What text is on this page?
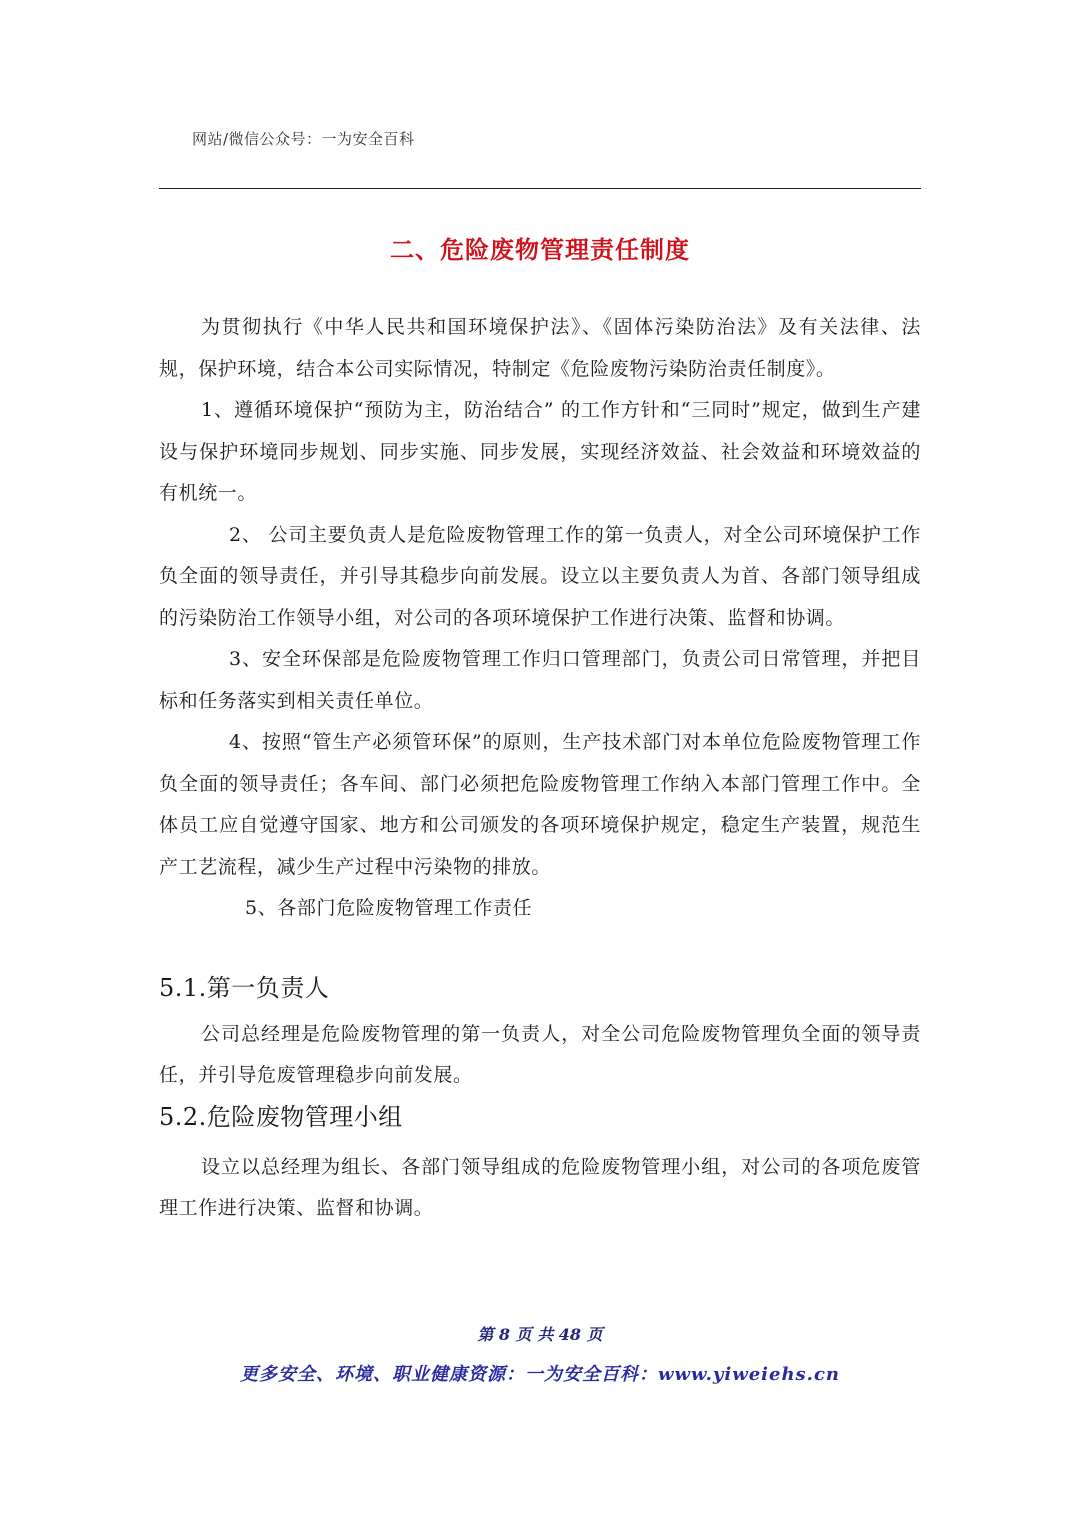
网站/微信公众号：一为安全百科
二、危险废物管理责任制度

为贯彻执行《中华人民共和国环境保护法》、《固体污染防治法》及有关法律、法规，保护环境，结合本公司实际情况，特制定《危险废物污染防治责任制度》。

1、遵循环境保护“预防为主，防治结合” 的工作方针和“三同时”规定，做到生产建设与保护环境同步规划、同步实施、同步发展，实现经济效益、社会效益和环境效益的有机统一。

2、 公司主要负责人是危险废物管理工作的第一负责人，对全公司环境保护工作负全面的领导责任，并引导其稳步向前发展。设立以主要负责人为首、各部门领导组成的污染防治工作领导小组，对公司的各项环境保护工作进行决策、监督和协调。

3、安全环保部是危险废物管理工作归口管理部门，负责公司日常管理，并把目标和任务落实到相关责任单位。

4、按照“管生产必须管环保”的原则，生产技术部门对本单位危险废物管理工作负全面的领导责任；各车间、部门必须把危险废物管理工作纳入本部门管理工作中。全体员工应自觉遵守国家、地方和公司颁发的各项环境保护规定，稳定生产装置，规范生产工艺流程，减少生产过程中污染物的排放。

5、各部门危险废物管理工作责任

5.1.第一负责人

公司总经理是危险废物管理的第一负责人，对全公司危险废物管理负全面的领导责任，并引导危废管理稳步向前发展。

5.2.危险废物管理小组

设立以总经理为组长、各部门领导组成的危险废物管理小组，对公司的各项危废管理工作进行决策、监督和协调。

第 8 页 共 48 页
更多安全、环境、职业健康资源：一为安全百科：www.yiweiehs.cn
